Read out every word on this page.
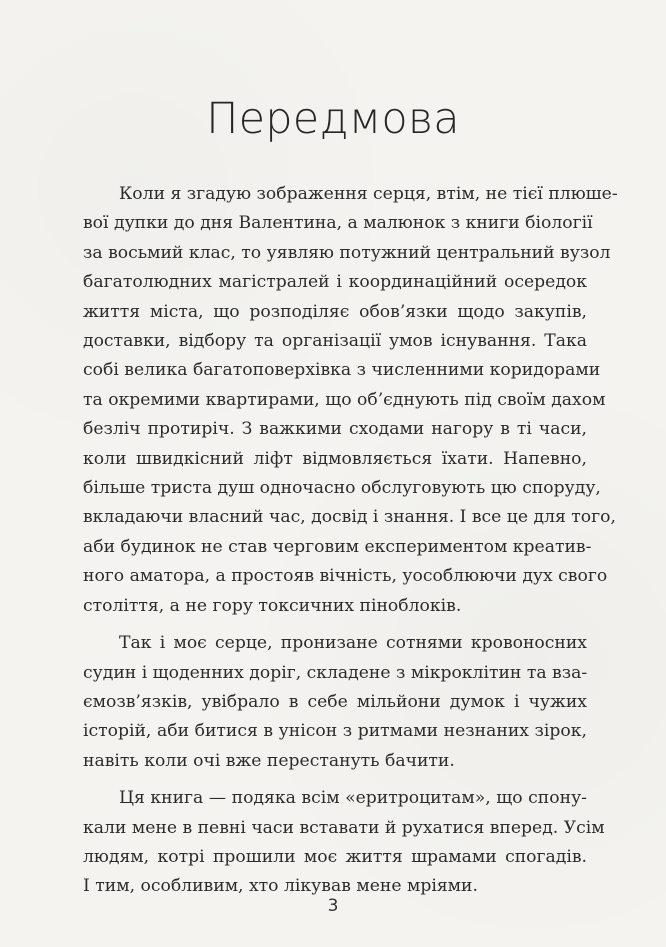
Передмова

Коли я згадую зображення серця, втім, не тієї плюше-
вої дупки до дня Валентина, а малюнок з книги біології
за восьмий клас, то уявляю потужний центральний вузол
багатолюдних магістралей і координаційний осередок
життя міста, що розподіляє обов’язки щодо закупів,
доставки, відбору та організації умов існування. Така
собі велика багатоповерхівка з численними коридорами
та окремими квартирами, що об’єднують під своїм дахом
безліч протиріч. З важкими сходами нагору в ті часи,
коли швидкісний ліфт відмовляється їхати. Напевно,
більше триста душ одночасно обслуговують цю споруду,
вкладаючи власний час, досвід і знання. І все це для того,
аби будинок не став черговим експериментом креатив-
ного аматора, а простояв вічність, уособлюючи дух свого
століття, а не гору токсичних пінoблоків.

Так і моє серце, пронизане сотнями кровоносних
судин і щоденних доріг, складене з мікроклітин та вза-
ємозв’язків, увібрало в себе мільйони думок і чужих
історій, аби битися в унісон з ритмами незнаних зірок,
навіть коли очі вже перестануть бачити.

Ця книга — подяка всім «еритроцитам», що спону-
кали мене в певні часи вставати й рухатися вперед. Усім
людям, котрі прошили моє життя шрамами спогадів.
І тим, особливим, хто лікував мене мріями.

3
